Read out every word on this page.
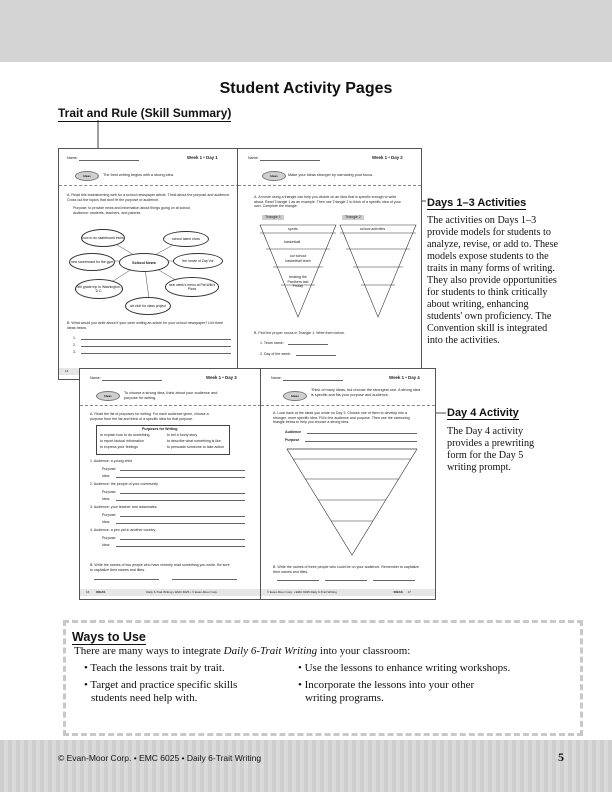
Student Activity Pages
Trait and Rule (Skill Summary)
Name:	Week 1 • Day 1
Ideas	The best writing begins with a strong idea.
A. Read this brainstorming web for a school newspaper article. Think about the purpose and audience. Cross out the topics that don't fit the purpose or audience.
Purpose: to provide news and information about things going on at school
Audience: students, teachers, and parents
School News
how to do skateboard tricks	school talent show
new scoreboard for the gym	the movie of Zap Vor
5th grade trip to Washington, D.C.
next week's menu at Pat Wiki's Pizza
art club for class project
B. What would you write about if your were writing an article for your school newspaper? List three ideas below.
1.
2.
3.
14
Name:	Week 1 • Day 2
Ideas	Make your ideas stronger by narrowing your focus.
A. A movie using a triangle can help you decide on an idea that is specific enough to write about. Read Triangle 1 as an example. Then use Triangle 2 to think of a specific idea of your own. Complete the triangle.
Triangle 1	Triangle 2
sports
basketball
our school basketball team
beating the Panthers last Friday
school activities
B. Find the proper nouns in Triangle 1. Write them below.
1. Team name:
2. Day of the week:
Name:	Week 1 • Day 3
Ideas
To choose a strong idea, think about your audience and purpose for writing.
A. Read the list of purposes for writing. For each audience given, choose a purpose from the list and think of a specific idea for that purpose.
Purposes for Writing
to explain how to do something	to tell a funny story
to report factual information	to describe what something is like
to express your feelings	to persuade someone to take action
1. Audience: a young child
Purpose:
Idea:
2. Audience: the people of your community
Purpose:
Idea:
3. Audience: your teacher and classmates
Purpose:
Idea:
4. Audience: a pen pal in another country
Purpose:
Idea:
B. Write the names of two people who have recently read something you wrote. Be sure to capitalize their names and titles.
16 IDEAS	Daily 6-Trait Writing • EMC 6025 • © Evan-Moor Corp.
Name:	Week 1 • Day 4
Ideas
Think of many ideas, but choose the strongest one. A strong idea is specific and fits your purpose and audience.
A. Look back at the ideas you wrote on Day 3. Choose one of them to develop into a stronger, more specific idea. Fill in the audience and purpose. Then use the narrowing triangle below to help you choose a strong idea.
Audience
Purpose
B. Write the names of three people who could be on your audience. Remember to capitalize their names and titles.
© Evan-Moor Corp. • EMC 6025 Daily 6-Trait Writing	IDEAS 17
Days 1–3 Activities
The activities on Days 1–3
provide models for students to
analyze, revise, or add to. These
models expose students to the
traits in many forms of writing.
They also provide opportunities
for students to think critically
about writing, enhancing
students' own proficiency. The
Convention skill is integrated
into the activities.
Day 4 Activity
The Day 4 activity
provides a prewriting
form for the Day 5
writing prompt.
Ways to Use
There are many ways to integrate Daily 6-Trait Writing into your classroom:
• Teach the lessons trait by trait.
• Target and practice specific skills
students need help with.
• Use the lessons to enhance writing workshops.
• Incorporate the lessons into your other
writing programs.
© Evan-Moor Corp. • EMC 6025 • Daily 6-Trait Writing	5
